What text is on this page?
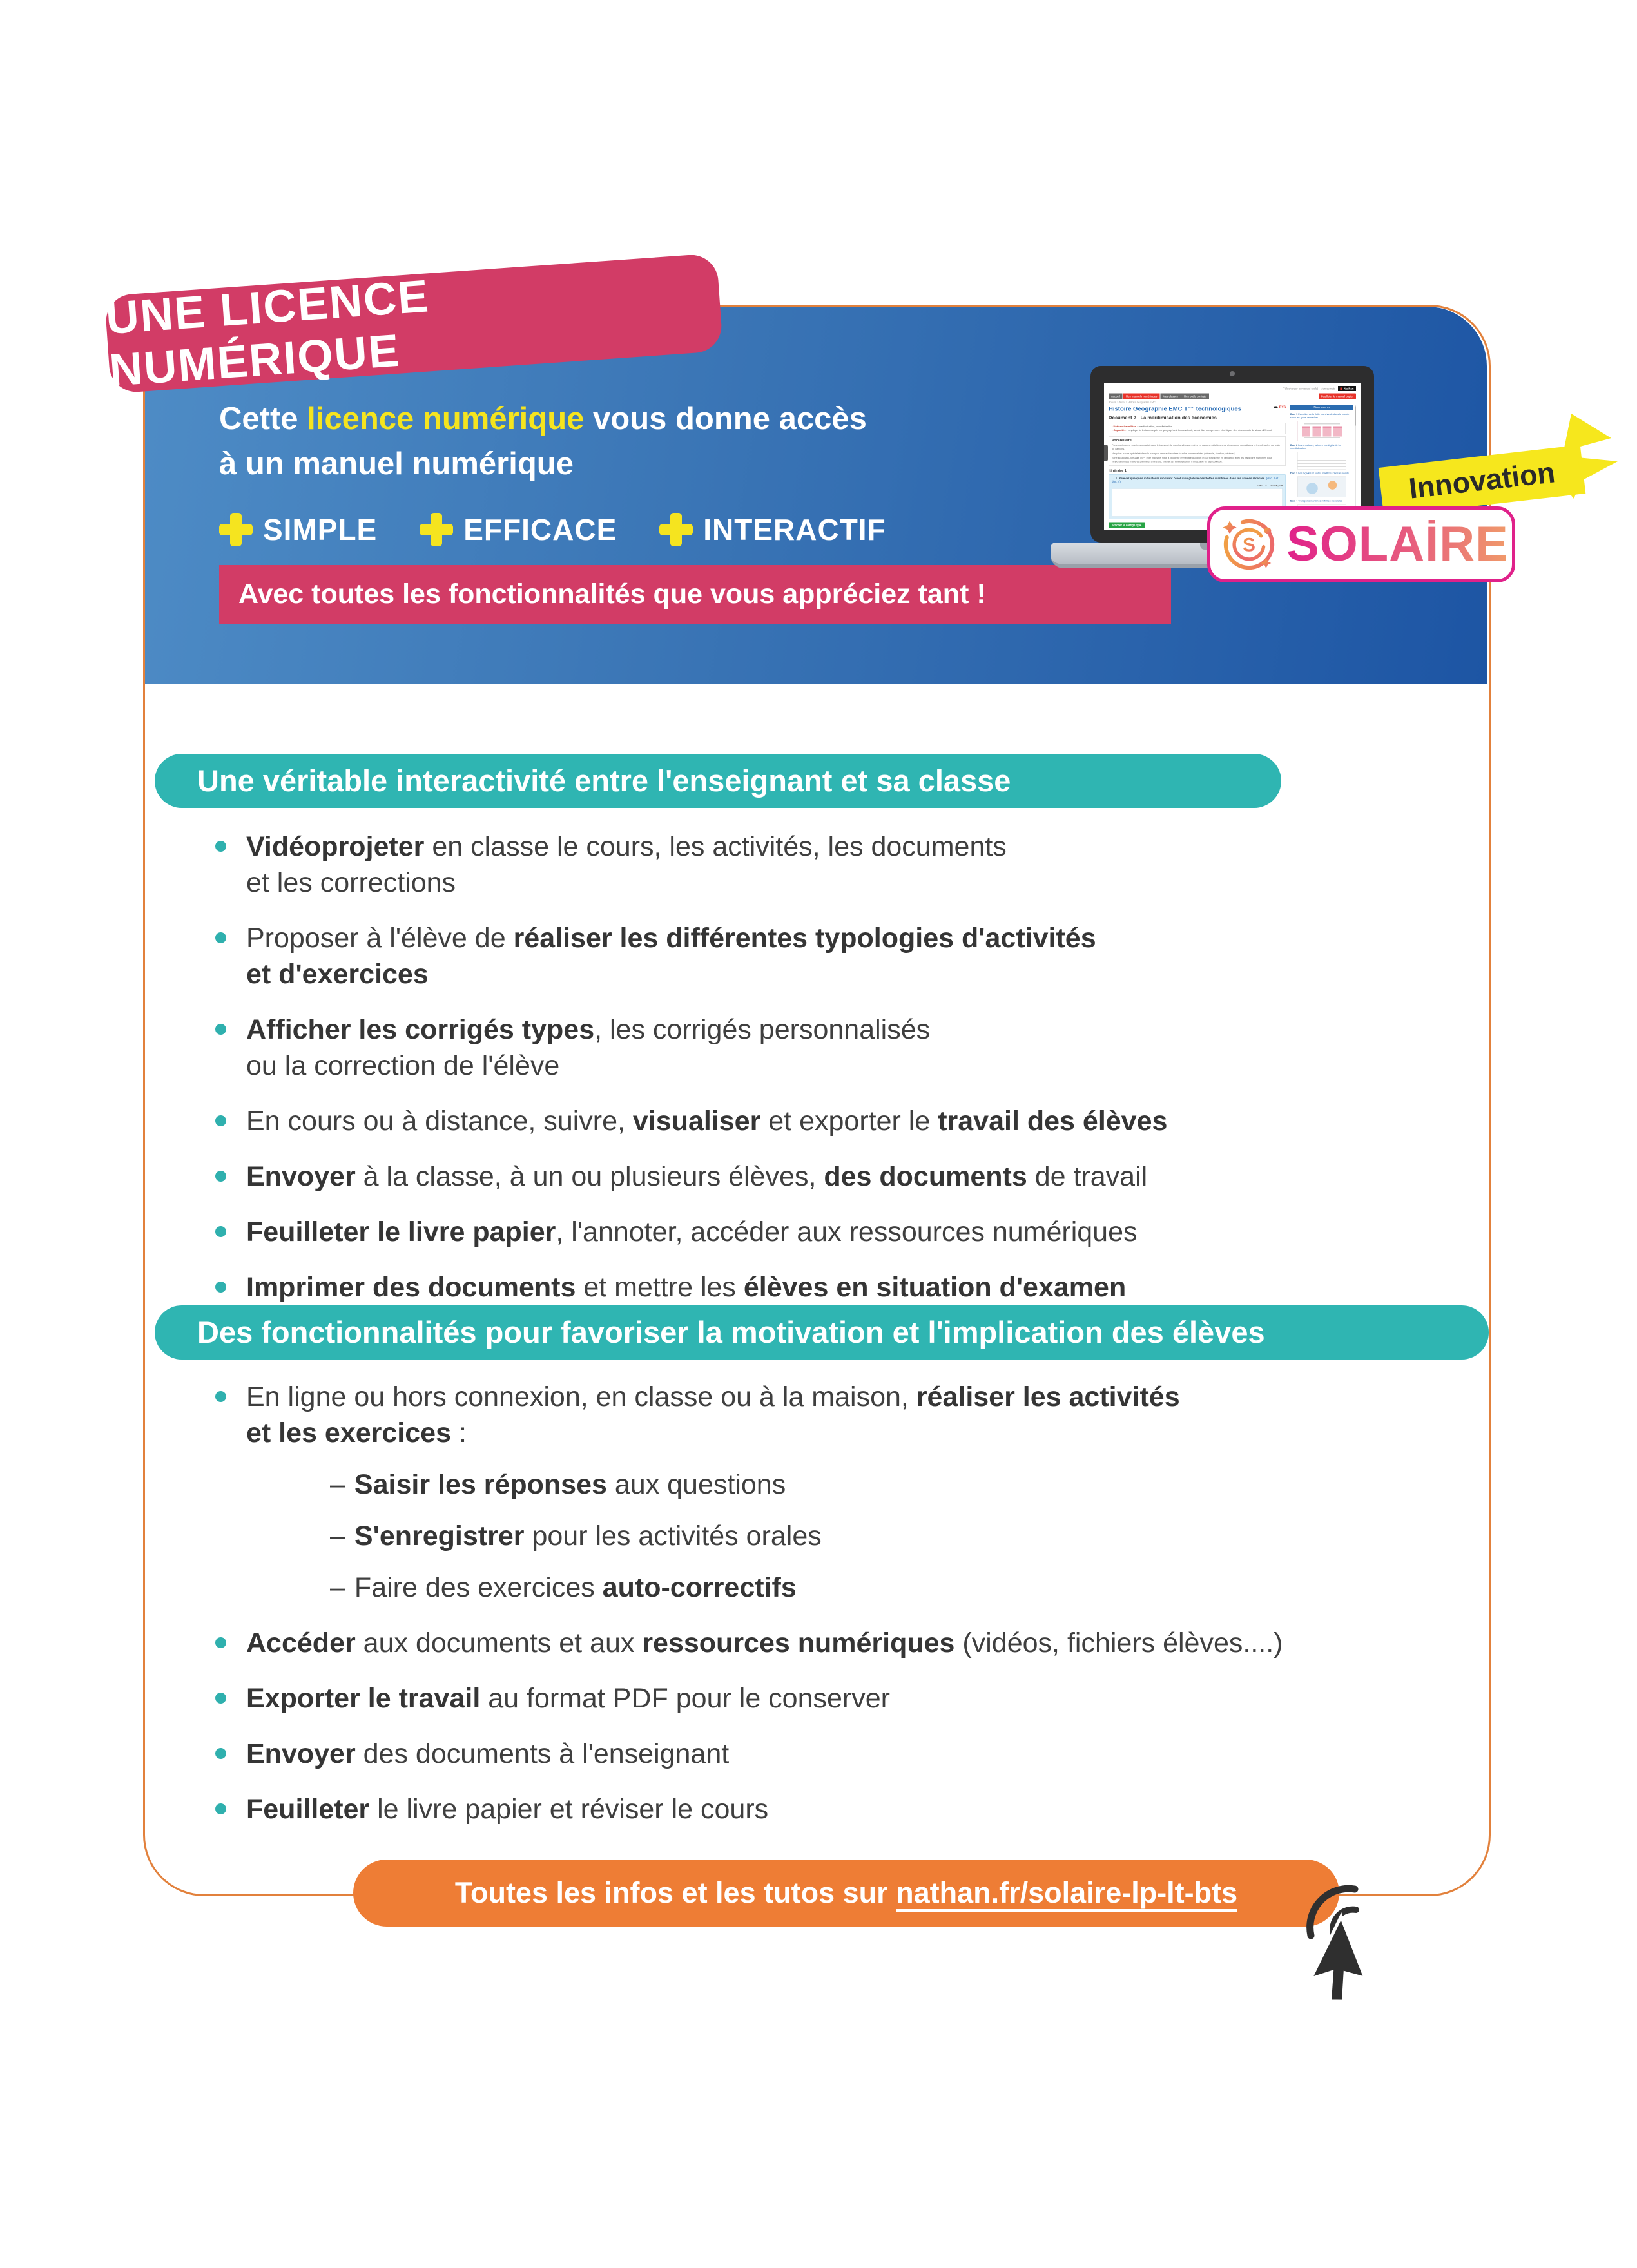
UNE LICENCE NUMÉRIQUE
Cette licence numérique vous donne accès
à un manuel numérique
SIMPLE	EFFICACE	INTERACTIF
Avec toutes les fonctionnalités que vous appréciez tant !
Télécharger le manuel (web) · Mon compte Nathan
Accueil	Mes manuels numériques	Mes classes	Mes outils corrigés	Feuilleter le manuel papier
Accueil > Term. > Histoire Géographie EMC
DYS
Histoire Géographie EMC $T^{erm}$ technologiques
Document 2 - La maritimisation des économies
• Notions travaillées : maritimisation, mondialisation
• Capacités : employer le lexique acquis en géographie à bon escient ; savoir lire, comprendre et critiquer des documents de statut différent
Vocabulaire
Porte-conteneurs : navire spécialisé dans le transport de marchandises arrimées en caisses métalliques de dimensions normalisées et transférables sur train ou camions.
Vraquier : navire spécialisé dans le transport de marchandises lourdes non emballées (minerais, charbon, céréales).
Zone industrialo-portuaire (ZIP) : site industriel situé à proximité immédiate d'un port et qui fonctionne en lien direct avec les transports maritimes pour l'importation des matières premières (minerais, énergie) et la réexpédition d'une partie de la production.
Itinéraire 1
→ 1. Relevez quelques indicateurs montrant l'évolution globale des flottes maritimes dans les années récentes. (doc. 1 et doc. 4)
✎ ▾ B I S | Taille ▾ | A ▾
Afficher le corrigé type
Documents
Doc. 1 Évolution de la flotte marchande dans le monde selon les types de navires
Doc. 2 Les armateurs, acteurs privilégiés de la mondialisation
Doc. 3 Les façades et routes maritimes dans le monde
Doc. 4 Transports maritimes et flottes mondiales	Innovation
S SOLAİRE
Une véritable interactivité entre l'enseignant et sa classe
Vidéoprojeter en classe le cours, les activités, les documents
et les corrections
Proposer à l'élève de réaliser les différentes typologies d'activités
et d'exercices
Afficher les corrigés types, les corrigés personnalisés
ou la correction de l'élève
En cours ou à distance, suivre, visualiser et exporter le travail des élèves
Envoyer à la classe, à un ou plusieurs élèves, des documents de travail
Feuilleter le livre papier, l'annoter, accéder aux ressources numériques
Imprimer des documents et mettre les élèves en situation d'examen
Des fonctionnalités pour favoriser la motivation et l'implication des élèves
En ligne ou hors connexion, en classe ou à la maison, réaliser les activités
et les exercices :
– Saisir les réponses aux questions
– S'enregistrer pour les activités orales
– Faire des exercices auto-correctifs
Accéder aux documents et aux ressources numériques (vidéos, fichiers élèves....)
Exporter le travail au format PDF pour le conserver
Envoyer des documents à l'enseignant
Feuilleter le livre papier et réviser le cours
Toutes les infos et les tutos sur nathan.fr/solaire-lp-lt-bts
